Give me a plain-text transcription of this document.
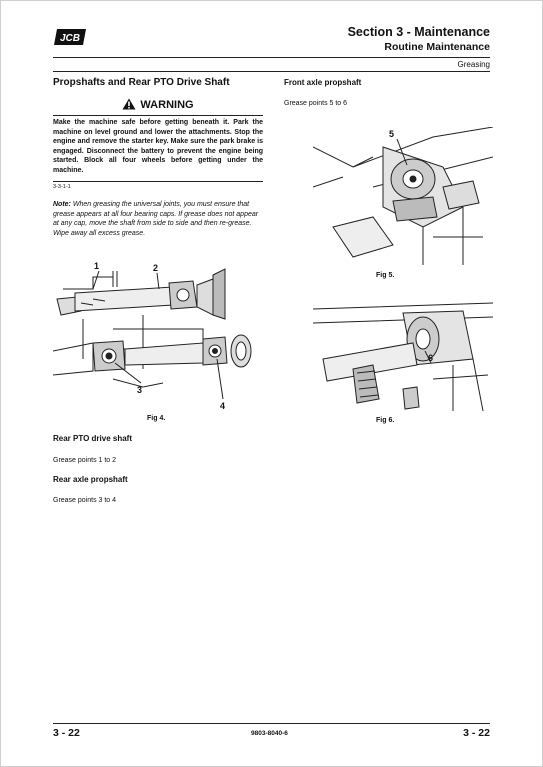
JCB	Section 3 - Maintenance
Routine Maintenance
Greasing
Propshafts and Rear PTO Drive Shaft
WARNING
Make the machine safe before getting beneath it. Park the machine on level ground and lower the attachments. Stop the engine and remove the starter key. Make sure the park brake is engaged. Disconnect the battery to prevent the engine being started. Block all four wheels before getting under the machine.
3-3-1-1
Note: When greasing the universal joints, you must ensure that grease appears at all four bearing caps. If grease does not appear at any cap, move the shaft from side to side and then re-grease. Wipe away all excess grease.
1	2
3
4
Fig 4.
Rear PTO drive shaft
Grease points 1 to 2
Rear axle propshaft
Grease points 3 to 4
Front axle propshaft
Grease points 5 to 6
5
Fig 5.
6
Fig 6.
3 - 22	9803-8040-6	3 - 22
